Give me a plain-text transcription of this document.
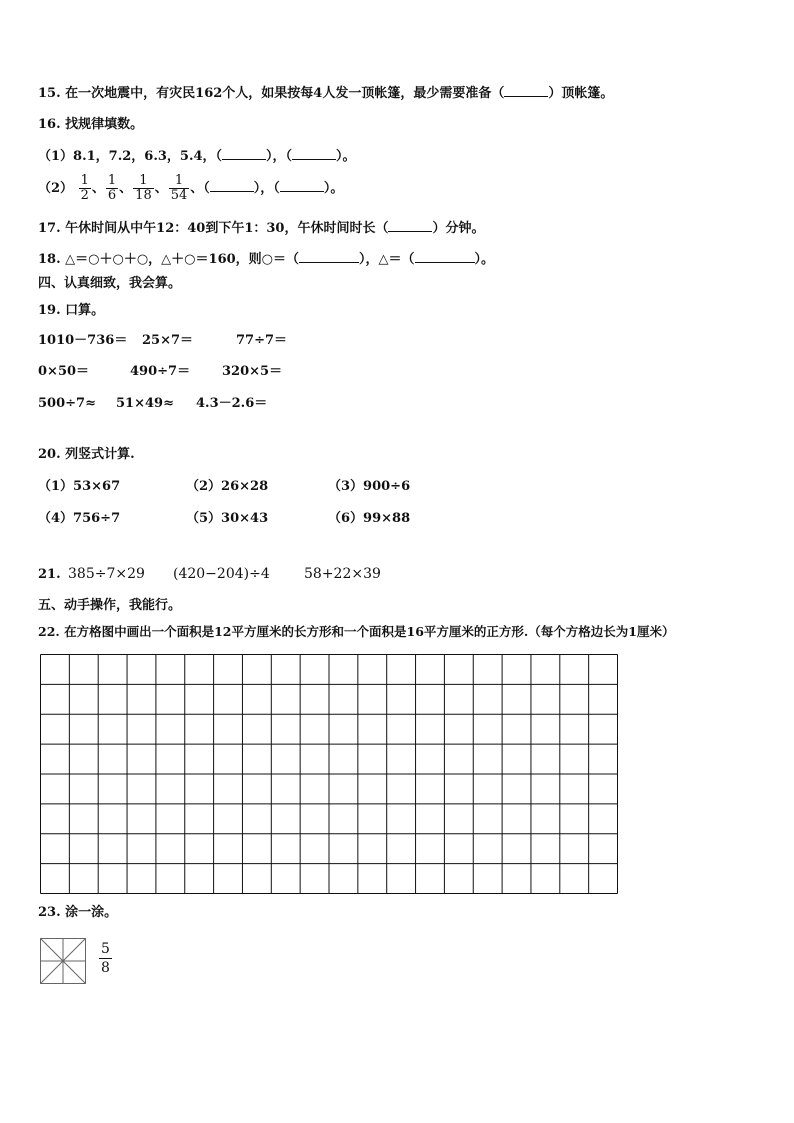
15. 在一次地震中，有灾民162个人，如果按每4人发一顶帐篷，最少需要准备（	）顶帐篷。
16. 找规律填数。
（1）8.1，7.2，6.3，5.4，（	），（	）。
$(2) \frac{1}{2}$ 、 $\frac{1}{6}$ 、 $\frac{1}{18}$ 、 $\frac{1}{54}$ 、（	），（	）。
17. 午休时间从中午12：40到下午1：30，午休时间时长（	）分钟。
18. △＝○＋○＋○，△＋○＝160，则○＝（	），△＝（	）。
四、认真细致，我会算。
19. 口算。
1010－736＝ 25×7＝	77÷7＝
0×50＝	490÷7＝ 320×5＝
500÷7≈ 51×49≈ 4.3－2.6＝
20. 列竖式计算.
（1）53×67	（2）26×28	（3）900÷6
（4）756÷7	（5）30×43	（6）99×88
21. 385÷7×29 (420−204)÷4 58+22×39
五、动手操作，我能行。
22. 在方格图中画出一个面积是12平方厘米的长方形和一个面积是16平方厘米的正方形.（每个方格边长为1厘米）
23. 涂一涂。
$\frac{5}{8}$
